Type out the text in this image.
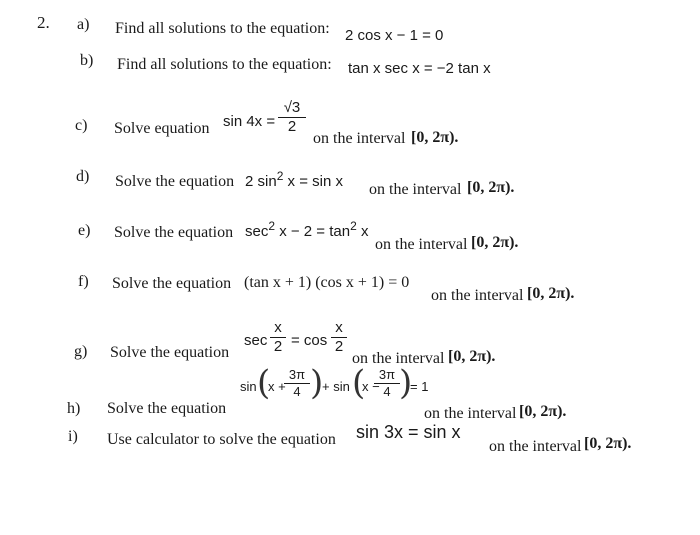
2. a) Find all solutions to the equation: 2 cos x − 1 = 0
b) Find all solutions to the equation: tan x sec x = −2 tan x
c) Solve equation sin 4x =
√3
2
on the interval [0, 2π).
d) Solve the equation 2 $\sin^2 x = \sin x$ on the interval [0, 2π).
e) Solve the equation $\sec^2 x - 2 = \tan^2 x$
on the interval [0, 2π).
f) Solve the equation (tan x + 1) (cos x + 1) = 0
on the interval [0, 2π).
g) Solve the equation
sec
x
2 = cos
x
2
on the interval [0, 2π).
h) Solve the equation
sin (
x +
3π
4 )
+ sin (
x −
3π
4 )
= 1
on the interval [0, 2π).
i) Use calculator to solve the equation sin 3x = sin x
on the interval [0, 2π).
